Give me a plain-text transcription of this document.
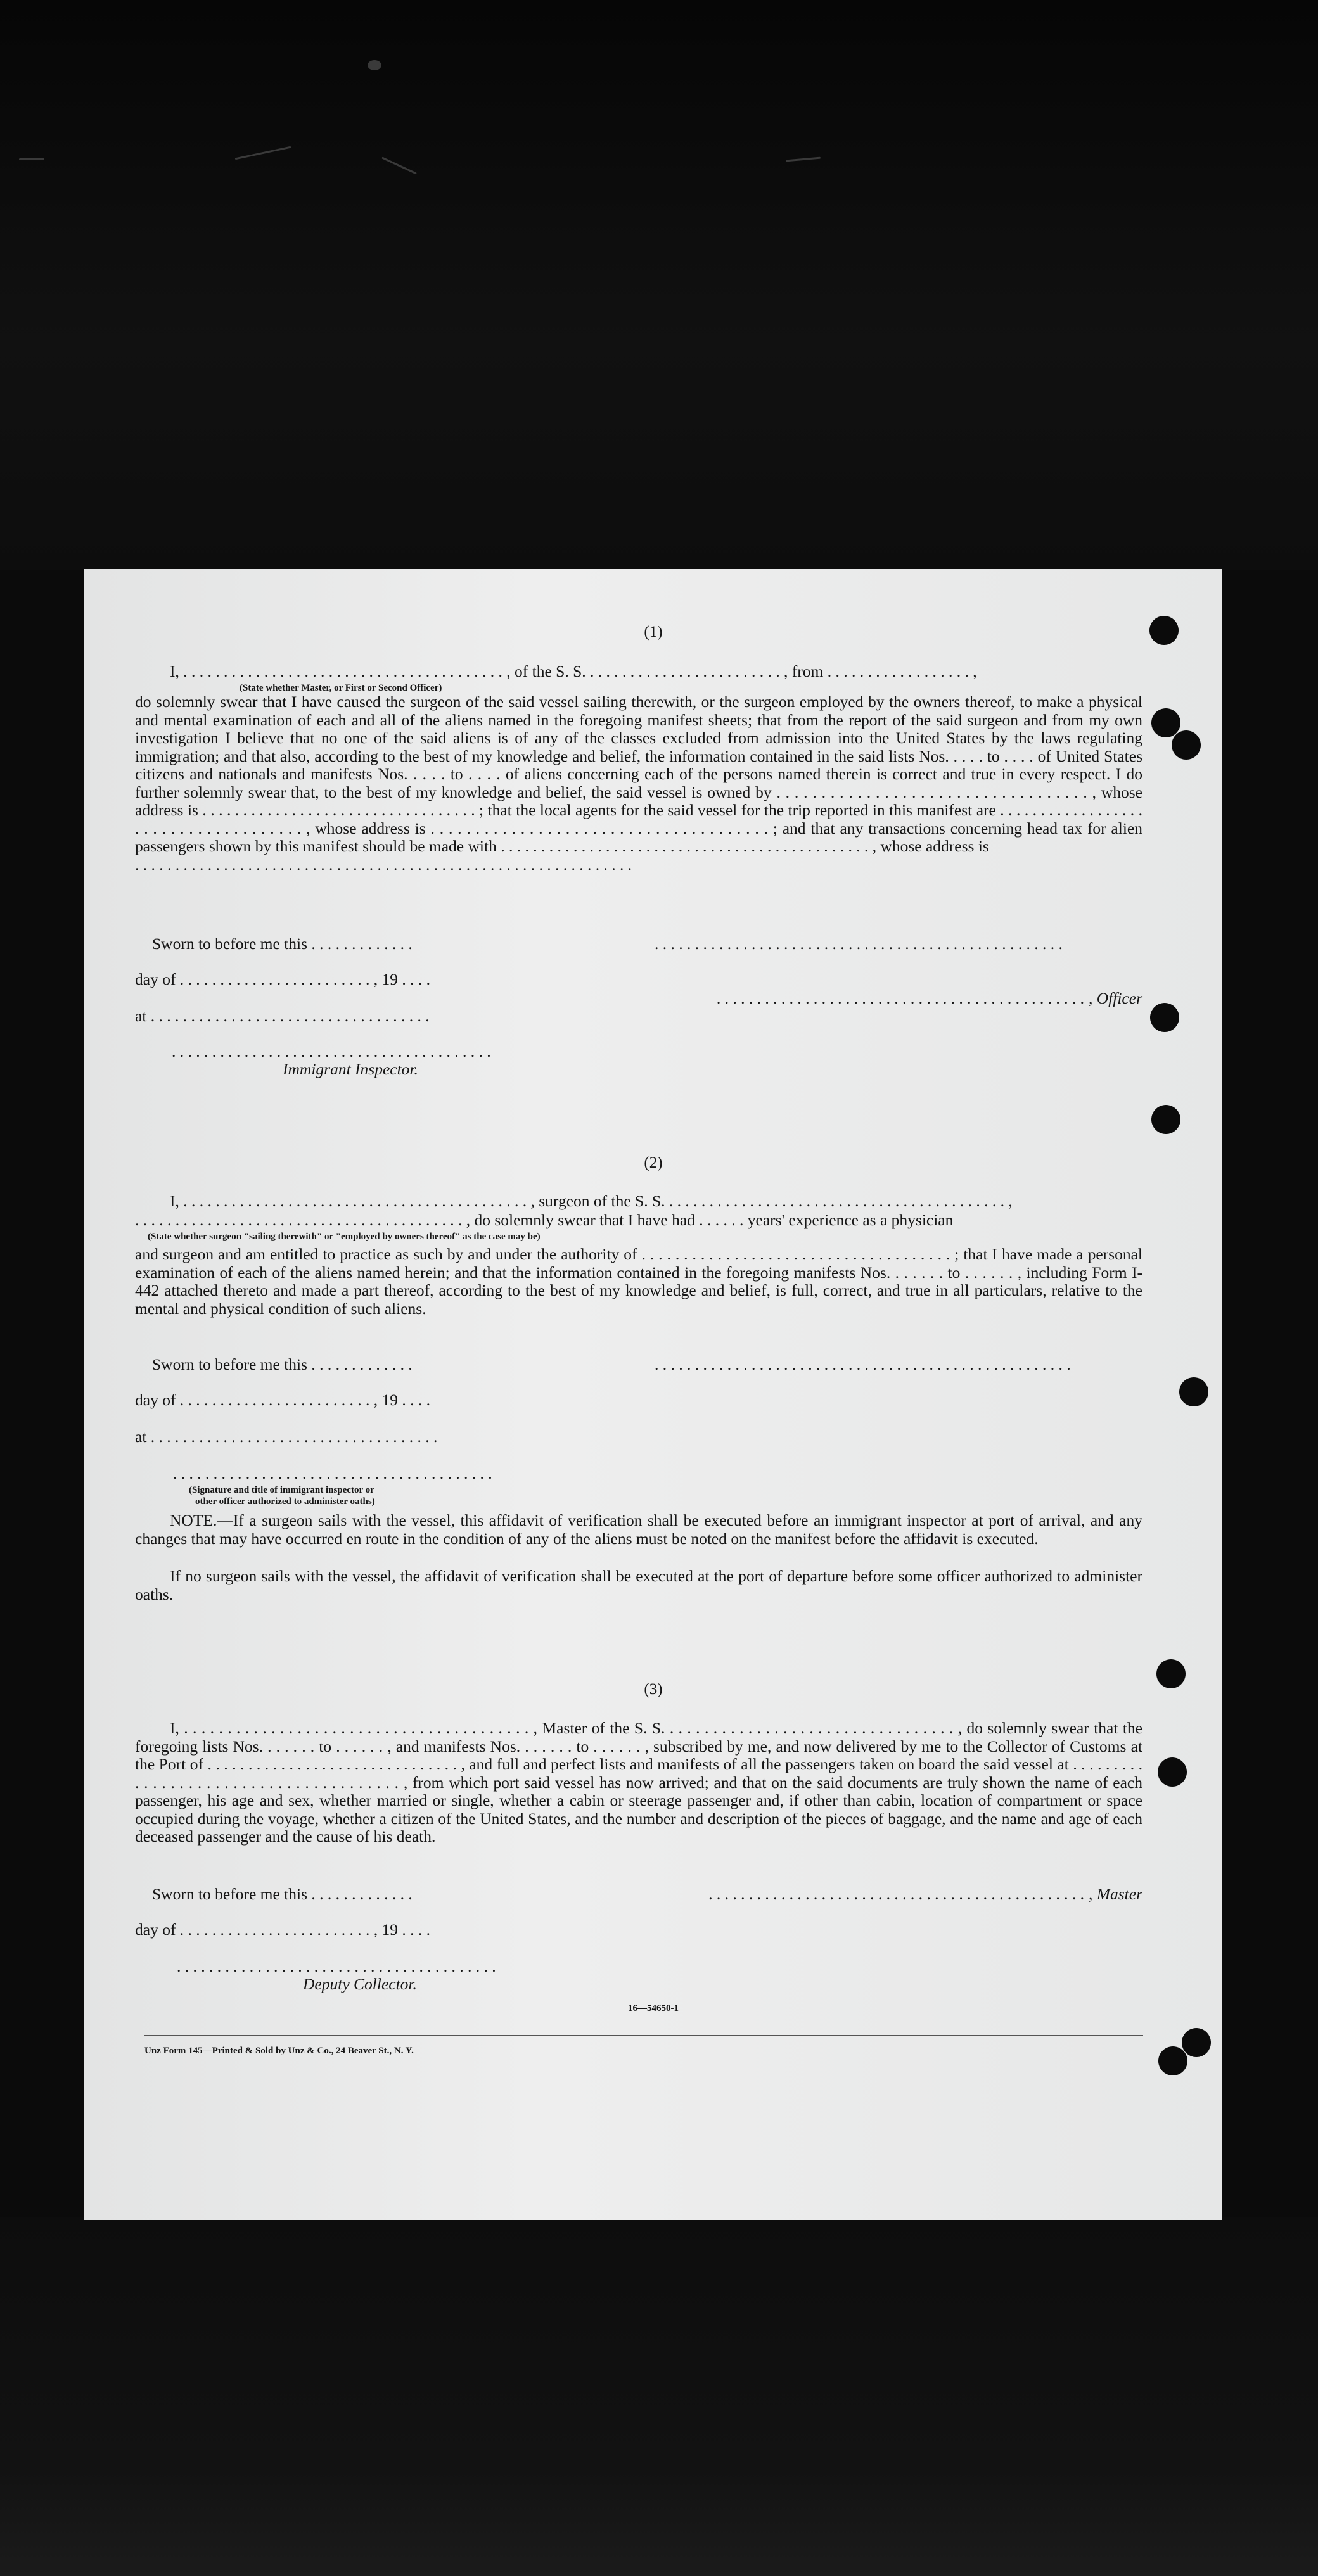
(1)
I, . . . . . . . . . . . . . . . . . . . . . . . . . . . . . . . . . . . . . . . . , of the S. S. . . . . . . . . . . . . . . . . . . . . . . . . , from . . . . . . . . . . . . . . . . . . ,
(State whether Master, or First or Second Officer)

do solemnly swear that I have caused the surgeon of the said vessel sailing therewith, or the surgeon employed by the owners thereof, to make a physical and mental examination of each and all of the aliens named in the foregoing manifest sheets; that from the report of the said surgeon and from my own investigation I believe that no one of the said aliens is of any of the classes excluded from admission into the United States by the laws regulating immigration; and that also, according to the best of my knowledge and belief, the information contained in the said lists Nos. . . . . to . . . . of United States citizens and nationals and manifests Nos. . . . . to . . . . of aliens concerning each of the persons named therein is correct and true in every respect. I do further solemnly swear that, to the best of my knowledge and belief, the said vessel is owned by . . . . . . . . . . . . . . . . . . . . . . . . . . . . . . . . . . . , whose address is . . . . . . . . . . . . . . . . . . . . . . . . . . . . . . . . . . ; that the local agents for the said vessel for the trip reported in this manifest are . . . . . . . . . . . . . . . . . . . . . . . . . . . . . . . . . . . . . , whose address is . . . . . . . . . . . . . . . . . . . . . . . . . . . . . . . . . . . . . . ; and that any transactions concerning head tax for alien passengers shown by this manifest should be made with . . . . . . . . . . . . . . . . . . . . . . . . . . . . . . . . . . . . . . . . . . . . . . , whose address is

. . . . . . . . . . . . . . . . . . . . . . . . . . . . . . . . . . . . . . . . . . . . . . . . . . . . . . . . . . . . . .

Sworn to before me this . . . . . . . . . . . . .	. . . . . . . . . . . . . . . . . . . . . . . . . . . . . . . . . . . . . . . . . . . . . . . . . . .
day of . . . . . . . . . . . . . . . . . . . . . . . . , 19 . . . .
. . . . . . . . . . . . . . . . . . . . . . . . . . . . . . . . . . . . . . . . . . . . . . , Officer
at . . . . . . . . . . . . . . . . . . . . . . . . . . . . . . . . . . .
. . . . . . . . . . . . . . . . . . . . . . . . . . . . . . . . . . . . . . . .
Immigrant Inspector.
(2)
I, . . . . . . . . . . . . . . . . . . . . . . . . . . . . . . . . . . . . . . . . . . . , surgeon of the S. S. . . . . . . . . . . . . . . . . . . . . . . . . . . . . . . . . . . . . . . . . . . ,
. . . . . . . . . . . . . . . . . . . . . . . . . . . . . . . . . . . . . . . . . , do solemnly swear that I have had . . . . . . years' experience as a physician
(State whether surgeon "sailing therewith" or "employed by owners thereof" as the case may be)
and surgeon and am entitled to practice as such by and under the authority of . . . . . . . . . . . . . . . . . . . . . . . . . . . . . . . . . . . . . ; that I have made a personal examination of each of the aliens named herein; and that the information contained in the foregoing manifests Nos. . . . . . . to . . . . . . , including Form I-442 attached thereto and made a part thereof, according to the best of my knowledge and belief, is full, correct, and true in all particulars, relative to the mental and physical condition of such aliens.
Sworn to before me this . . . . . . . . . . . . .	. . . . . . . . . . . . . . . . . . . . . . . . . . . . . . . . . . . . . . . . . . . . . . . . . . . .
day of . . . . . . . . . . . . . . . . . . . . . . . . , 19 . . . .
at . . . . . . . . . . . . . . . . . . . . . . . . . . . . . . . . . . . .
. . . . . . . . . . . . . . . . . . . . . . . . . . . . . . . . . . . . . . . .
(Signature and title of immigrant inspector or
other officer authorized to administer oaths)
NOTE.—If a surgeon sails with the vessel, this affidavit of verification shall be executed before an immigrant inspector at port of arrival, and any changes that may have occurred en route in the condition of any of the aliens must be noted on the manifest before the affidavit is executed.
If no surgeon sails with the vessel, the affidavit of verification shall be executed at the port of departure before some officer authorized to administer oaths.
(3)
I, . . . . . . . . . . . . . . . . . . . . . . . . . . . . . . . . . . . . . . . . , Master of the S. S. . . . . . . . . . . . . . . . . . . . . . . . . . . . . . . . . . , do solemnly swear that the foregoing lists Nos. . . . . . . to . . . . . . , and manifests Nos. . . . . . . to . . . . . . , subscribed by me, and now delivered by me to the Collector of Customs at the Port of . . . . . . . . . . . . . . . . . . . . . . . . . . . . . . . , and full and perfect lists and manifests of all the passengers taken on board the said vessel at . . . . . . . . . . . . . . . . . . . . . . . . . . . . . . . . . . . . . . . , from which port said vessel has now arrived; and that on the said documents are truly shown the name of each passenger, his age and sex, whether married or single, whether a cabin or steerage passenger and, if other than cabin, location of compartment or space occupied during the voyage, whether a citizen of the United States, and the number and description of the pieces of baggage, and the name and age of each deceased passenger and the cause of his death.
Sworn to before me this . . . . . . . . . . . . .	. . . . . . . . . . . . . . . . . . . . . . . . . . . . . . . . . . . . . . . . . . . . . . . , Master
day of . . . . . . . . . . . . . . . . . . . . . . . . , 19 . . . .
. . . . . . . . . . . . . . . . . . . . . . . . . . . . . . . . . . . . . . . .
Deputy Collector.
16—54650-1
Unz Form 145—Printed & Sold by Unz & Co., 24 Beaver St., N. Y.
